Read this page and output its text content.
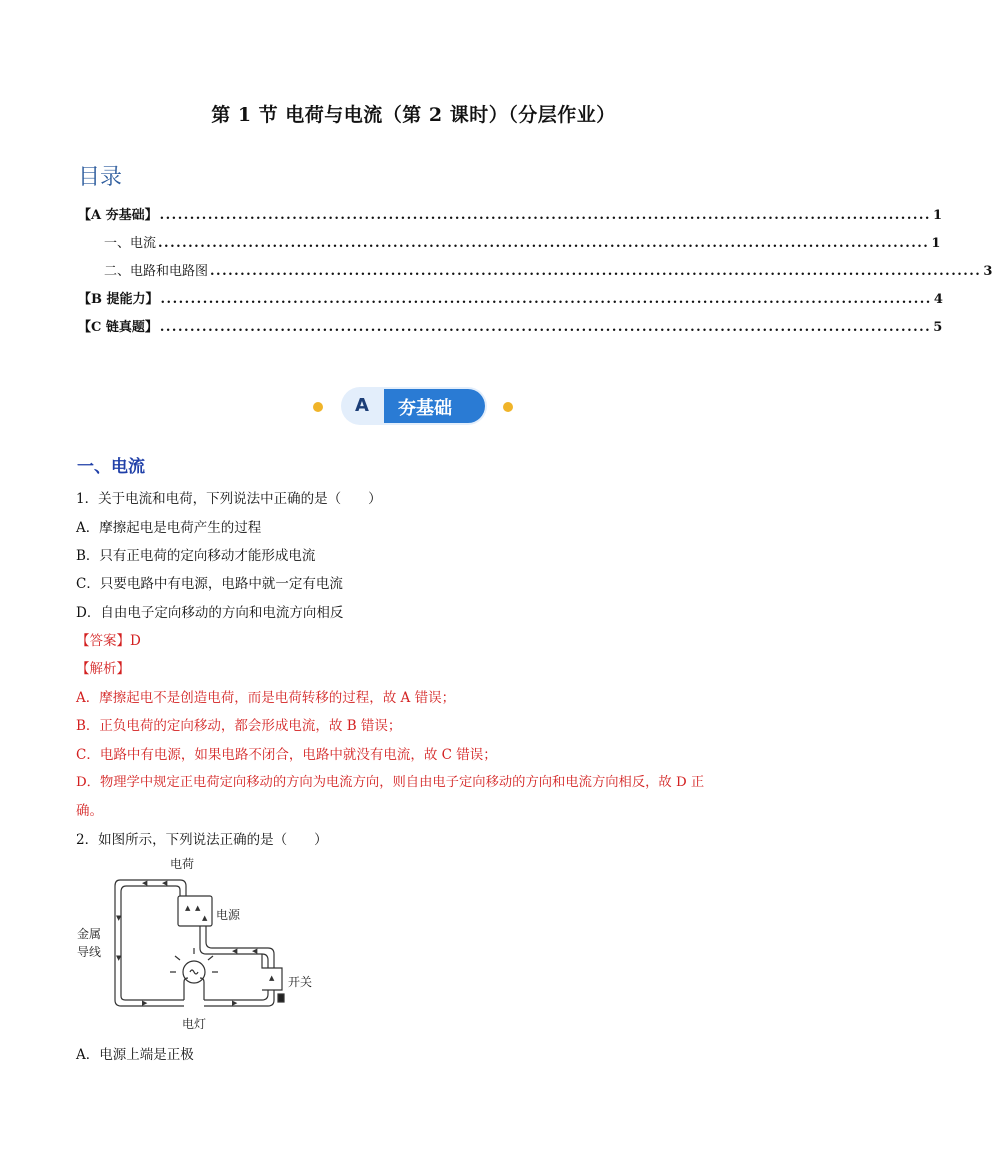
第 1 节 电荷与电流（第 2 课时）（分层作业）
目录
【A 夯基础】 ................................................................................................................................ 1
一、电流 ................................................................................................................................ 1
二、电路和电路图 ................................................................................................................................ 3
【B 提能力】 ................................................................................................................................ 4
【C 链真题】 ................................................................................................................................ 5
A 夯基础
一、电流
1．关于电流和电荷，下列说法中正确的是（　　）
A．摩擦起电是电荷产生的过程
B．只有正电荷的定向移动才能形成电流
C．只要电路中有电源，电路中就一定有电流
D．自由电子定向移动的方向和电流方向相反
【答案】D
【解析】
A．摩擦起电不是创造电荷，而是电荷转移的过程，故 A 错误；
B．正负电荷的定向移动，都会形成电流，故 B 错误；
C．电路中有电源，如果电路不闭合，电路中就没有电流，故 C 错误；
D．物理学中规定正电荷定向移动的方向为电流方向，则自由电子定向移动的方向和电流方向相反，故 D 正
确。
2．如图所示，下列说法正确的是（　　）
◀ ◀
▼
▼
▶	▶
◀ ◀
▲
▲ ▲
▲
电荷
电源
金属
导线
开关
电灯
A．电源上端是正极
